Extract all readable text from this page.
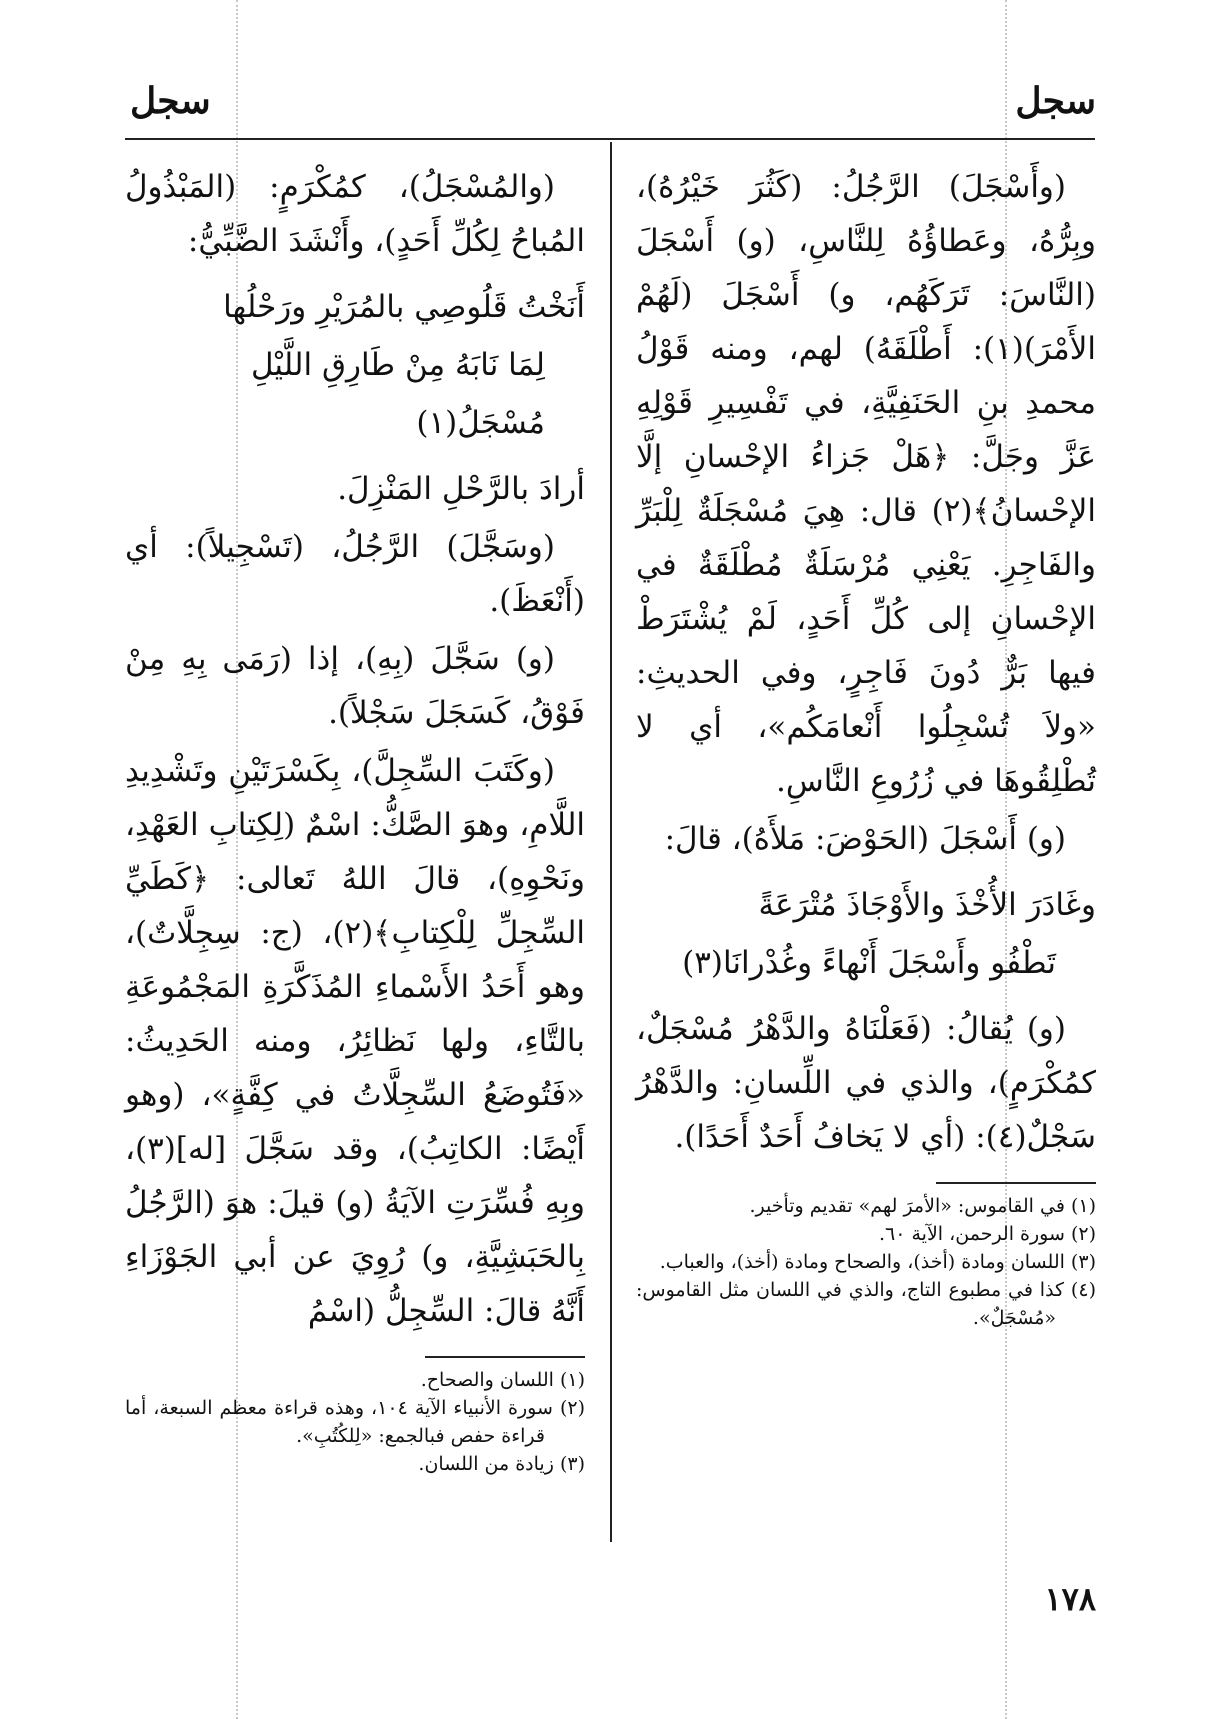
سجل
سجل

(وأَسْجَلَ) الرَّجُلُ: (كَثُرَ خَيْرُهُ)، وبِرُّهُ، وعَطاؤُهُ لِلنَّاسِ، (و) أَسْجَلَ (النَّاسَ: تَرَكَهُم، و) أَسْجَلَ (لَهُمْ الأَمْرَ)(١): أَطْلَقَهُ) لهم، ومنه قَوْلُ محمدِ بنِ الحَنَفِيَّةِ، في تَفْسِيرِ قَوْلِهِ عَزَّ وجَلَّ: ﴿هَلْ جَزاءُ الإحْسانِ إلَّا الإحْسانُ﴾(٢) قال: هِيَ مُسْجَلَةٌ لِلْبَرِّ والفَاجِرِ. يَعْنِي مُرْسَلَةٌ مُطْلَقَةٌ في الإحْسانِ إلى كُلِّ أَحَدٍ، لَمْ يُشْتَرَطْ فيها بَرٌّ دُونَ فَاجِرٍ، وفي الحديثِ: «ولاَ تُسْجِلُوا أَنْعامَكُم»، أي لا تُطْلِقُوهَا في زُرُوعِ النَّاسِ.

(و) أَسْجَلَ (الحَوْضَ: مَلأَهُ)، قالَ:

وغَادَرَ الأُخْذَ والأَوْجَاذَ مُتْرَعَةً
تَطْفُو وأَسْجَلَ أَنْهاءً وغُدْرانَا(٣)

(و) يُقالُ: (فَعَلْنَاهُ والدَّهْرُ مُسْجَلٌ، كمُكْرَمٍ)، والذي في اللِّسانِ: والدَّهْرُ سَجْلٌ(٤): (أي لا يَخافُ أَحَدٌ أَحَدًا).

(١) في القاموس: «الأمرَ لهم» تقديم وتأخير.

(٢) سورة الرحمن، الآية ٦٠.

(٣) اللسان ومادة (أخذ)، والصحاح ومادة (أخذ)، والعباب.

(٤) كذا في مطبوع التاج، والذي في اللسان مثل القاموس: «مُسْجَلٌ».

(والمُسْجَلُ)، كمُكْرَمٍ: (المَبْذُولُ المُباحُ لِكُلِّ أَحَدٍ)، وأَنْشَدَ الضَّبِّيُّ:

أَنَخْتُ قَلُوصِي بالمُرَيْرِ ورَحْلُها
لِمَا نَابَهُ مِنْ طَارِقِ اللَّيْلِ مُسْجَلُ(١)

أرادَ بالرَّحْلِ المَنْزِلَ.

(وسَجَّلَ) الرَّجُلُ، (تَسْجِيلاً): أي (أَنْعَظَ).

(و) سَجَّلَ (بِهِ)، إذا (رَمَى بِهِ مِنْ فَوْقُ، كَسَجَلَ سَجْلاً).

(وكَتَبَ السِّجِلَّ)، بِكَسْرَتَيْنِ وتَشْدِيدِ اللَّامِ، وهوَ الصَّكُّ: اسْمٌ (لِكِتابِ العَهْدِ، ونَحْوِهِ)، قالَ اللهُ تَعالى: ﴿كَطَيِّ السِّجِلِّ لِلْكِتابِ﴾(٢)، (ج: سِجِلَّاتٌ)، وهو أَحَدُ الأَسْماءِ المُذَكَّرَةِ المَجْمُوعَةِ بالتَّاءِ، ولها نَظائِرُ، ومنه الحَدِيثُ: «فَتُوضَعُ السِّجِلَّاتُ في كِفَّةٍ»، (وهو أَيْضًا: الكاتِبُ)، وقد سَجَّلَ [له](٣)، وبِهِ فُسِّرَتِ الآيَةُ (و) قيلَ: هوَ (الرَّجُلُ بِالحَبَشِيَّةِ، و) رُوِيَ عن أبي الجَوْزَاءِ أَنَّهُ قالَ: السِّجِلُّ (اسْمُ

(١) اللسان والصحاح.

(٢) سورة الأنبياء الآية ١٠٤، وهذه قراءة معظم السبعة، أما قراءة حفص فبالجمع: «لِلكُتُبِ».

(٣) زيادة من اللسان.

١٧٨
